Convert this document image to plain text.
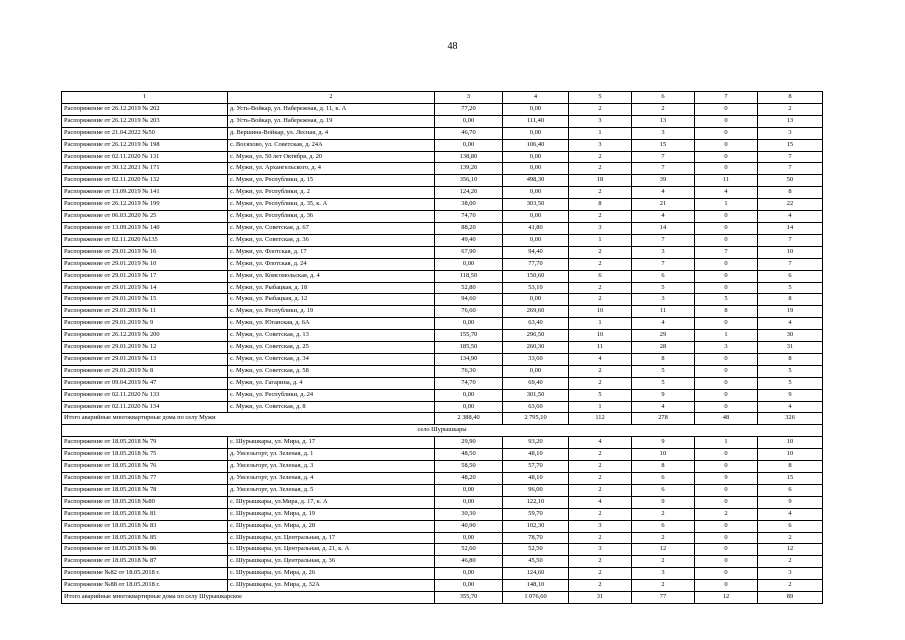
48
1	2	3	4	5	6	7	8
Распоряжение от 26.12.2019 № 202	д. Усть-Войкар, ул. Набережная, д. 11, к. А	77,20	0,00	2	2	0	2
Распоряжение от 26.12.2019 № 203	д. Усть-Войкар, ул. Набережная, д. 19	0,00	111,40	3	13	0	13
Распоряжение от 21.04.2022 №50	д. Вершина-Войкар, ул. Лесная, д. 4	46,70	0,00	1	3	0	3
Распоряжение от 26.12.2019 № 198	с. Восяхово, ул. Советская, д. 24А	0,00	106,40	3	15	0	15
Распоряжение от 02.11.2020 № 131	с. Мужи, ул. 50 лет Октября, д. 20	138,80	0,00	2	7	0	7
Распоряжение от 30.12.2021 № 171	с. Мужи, ул. Архангельского, д. 4	139,20	0,00	2	7	0	7
Распоряжение от 02.11.2020 № 132	с. Мужи, ул. Республики, д. 15	356,10	498,30	18	39	11	50
Распоряжение от 13.09.2019 № 141	с. Мужи, ул. Республики, д. 2	124,20	0,00	2	4	4	8
Распоряжение от 26.12.2019 № 199	с. Мужи, ул. Республики, д. 35, к. А	38,00	303,50	8	21	1	22
Распоряжение от 06.03.2020 № 25	с. Мужи, ул. Республики, д. 36	74,70	0,00	2	4	0	4
Распоряжение от 13.09.2019 № 140	с. Мужи, ул. Советская, д. 67	88,20	41,80	3	14	0	14
Распоряжение от 02.11.2020 №135	с. Мужи, ул. Советская, д. 36	49,40	0,00	1	7	0	7
Распоряжение от 29.01.2019 № 16	с. Мужи, ул. Флотская, д. 17	67,90	94,40	2	3	7	10
Распоряжение от 29.01.2019 № 10	с. Мужи, ул. Флотская, д. 24	0,00	77,70	2	7	0	7
Распоряжение от 29.01.2019 № 17	с. Мужи, ул. Комсомольская, д. 4	118,50	150,60	6	6	0	6
Распоряжение от 29.01.2019 № 14	с. Мужи, ул. Рыбацкая, д. 18	52,80	53,10	2	5	0	5
Распоряжение от 29.01.2019 № 15	с. Мужи, ул. Рыбацкая, д. 12	94,60	0,00	2	3	5	8
Распоряжение от 29.01.2019 № 11	с. Мужи, ул. Республики, д. 19	76,60	269,60	10	11	8	19
Распоряжение от 29.01.2019 № 9	с. Мужи, ул. Юганская, д. 6А	0,00	63,40	1	4	0	4
Распоряжение от 26.12.2019 № 200	с. Мужи, ул. Советская, д. 13	155,70	296,50	10	29	1	30
Распоряжение от 29.01.2019 № 12	с. Мужи, ул. Советская, д. 25	185,50	260,30	11	28	3	31
Распоряжение от 29.01.2019 № 13	с. Мужи, ул. Советская, д. 34	134,90	33,60	4	8	0	8
Распоряжение от 29.01.2019 № 8	с. Мужи, ул. Советская, д. 58	76,30	0,00	2	5	0	5
Распоряжение от 09.04.2019 № 47	с. Мужи, ул. Гагарина, д. 4	74,70	69,40	2	5	0	5
Распоряжение от 02.11.2020 № 133	с. Мужи, ул. Республики, д. 24	0,00	301,50	5	9	0	9
Распоряжение от 02.11.2020 № 134	с. Мужи, ул. Советская, д. 8	0,00	63,60	1	4	0	4
Итого аварийные многоквартирные дома по селу Мужи		2 388,40	2 795,10	112	278	48	326
село Шурышкары							
Распоряжение от 18.05.2018 № 79	с. Шурышкары, ул. Мира, д. 17	29,90	93,20	4	9	1	10
Распоряжение от 18.05.2018 № 75	д. Уисельгорт, ул. Зеленая, д. 1	48,50	48,10	2	10	0	10
Распоряжение от 18.05.2018 № 76	д. Уисельгорт, ул. Зеленая, д. 3	58,50	57,70	2	8	0	8
Распоряжение от 18.05.2018 № 77	д. Уисельгорт, ул. Зеленая, д. 4	48,20	48,10	2	6	9	15
Распоряжение от 18.05.2018 № 78	д. Уисельгорт, ул. Зеленая, д. 5	0,00	96,00	2	6	0	6
Распоряжение от 18.05.2018 №80	с. Шурышкары, ул.Мира, д. 17, к. А	0,00	122,10	4	9	0	9
Распоряжение от 18.05.2018 № 81	с. Шурышкары, ул. Мира, д. 19	30,30	59,70	2	2	2	4
Распоряжение от 18.05.2018 № 83	с. Шурышкары, ул. Мира, д. 28	40,90	102,30	3	6	0	6
Распоряжение от 18.05.2018 № 85	с. Шурышкары, ул. Центральная, д. 17	0,00	78,70	2	2	0	2
Распоряжение от 18.05.2018 № 86	с. Шурышкары, ул. Центральная, д. 21, к. А	52,60	52,50	3	12	0	12
Распоряжение от 18.05.2018 № 87	с. Шурышкары, ул. Центральная, д. 36	46,80	45,50	2	2	0	2
Распоряжение №82 от 18.05.2018 г.	с. Шурышкары, ул. Мира, д. 26	0,00	124,60	2	3	0	3
Распоряжение №88 от 18.05.2018 г.	с. Шурышкары, ул. Мира, д. 32А	0,00	148,10	2	2	0	2
Итого аварийные многоквартирные дома по селу Шурышкарское		355,70	1 076,60	31	77	12	89
